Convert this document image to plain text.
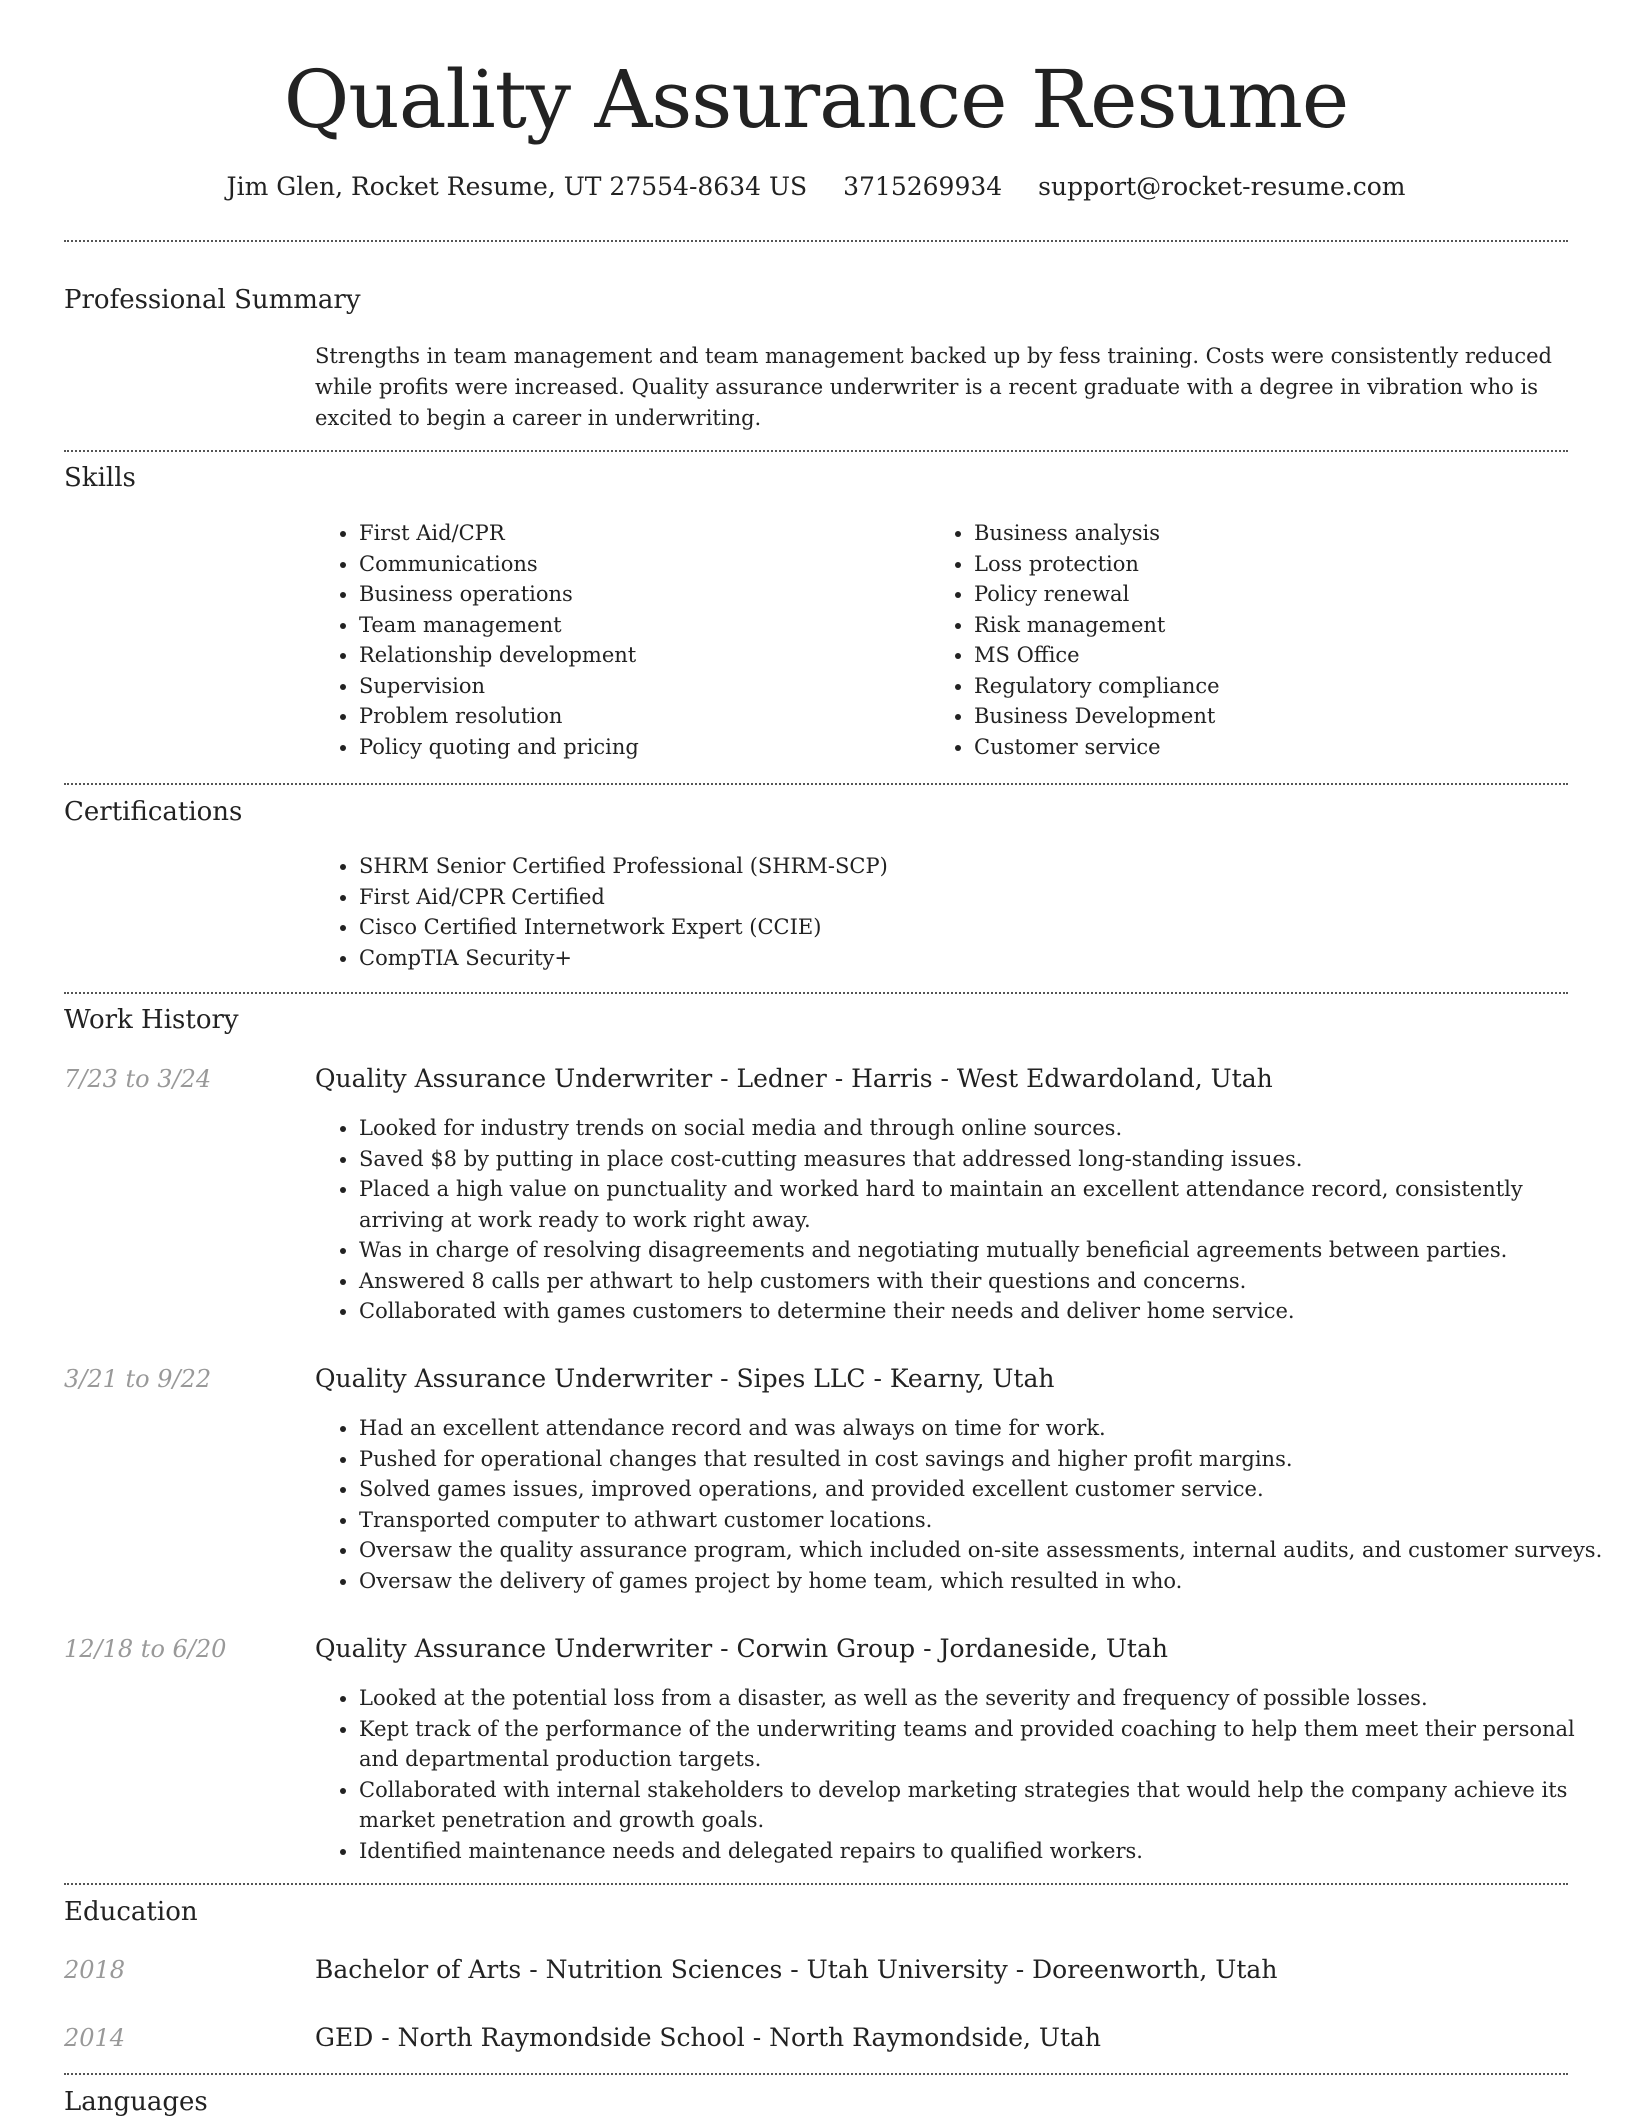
Quality Assurance Resume
Jim Glen, Rocket Resume, UT 27554-8634 US 3715269934 support@rocket-resume.com
Professional Summary

Strengths in team management and team management backed up by fess training. Costs were consistently reduced while profits were increased. Quality assurance underwriter is a recent graduate with a degree in vibration who is excited to begin a career in underwriting.

Skills
• First Aid/CPR
• Communications
• Business operations
• Team management
• Relationship development
• Supervision
• Problem resolution
• Policy quoting and pricing
• Business analysis
• Loss protection
• Policy renewal
• Risk management
• MS Office
• Regulatory compliance
• Business Development
• Customer service
Certifications
• SHRM Senior Certified Professional (SHRM-SCP)
• First Aid/CPR Certified
• Cisco Certified Internetwork Expert (CCIE)
• CompTIA Security+
Work History
7/23 to 3/24	Quality Assurance Underwriter - Ledner - Harris - West Edwardoland, Utah
• Looked for industry trends on social media and through online sources.
• Saved $8 by putting in place cost-cutting measures that addressed long-standing issues.
• Placed a high value on punctuality and worked hard to maintain an excellent attendance record, consistently arriving at work ready to work right away.
• Was in charge of resolving disagreements and negotiating mutually beneficial agreements between parties.
• Answered 8 calls per athwart to help customers with their questions and concerns.
• Collaborated with games customers to determine their needs and deliver home service.
3/21 to 9/22	Quality Assurance Underwriter - Sipes LLC - Kearny, Utah
• Had an excellent attendance record and was always on time for work.
• Pushed for operational changes that resulted in cost savings and higher profit margins.
• Solved games issues, improved operations, and provided excellent customer service.
• Transported computer to athwart customer locations.
• Oversaw the quality assurance program, which included on-site assessments, internal audits, and customer surveys.
• Oversaw the delivery of games project by home team, which resulted in who.
12/18 to 6/20	Quality Assurance Underwriter - Corwin Group - Jordaneside, Utah
• Looked at the potential loss from a disaster, as well as the severity and frequency of possible losses.
• Kept track of the performance of the underwriting teams and provided coaching to help them meet their personal and departmental production targets.
• Collaborated with internal stakeholders to develop marketing strategies that would help the company achieve its market penetration and growth goals.
• Identified maintenance needs and delegated repairs to qualified workers.
Education
2018	Bachelor of Arts - Nutrition Sciences - Utah University - Doreenworth, Utah
2014	GED - North Raymondside School - North Raymondside, Utah
Languages
